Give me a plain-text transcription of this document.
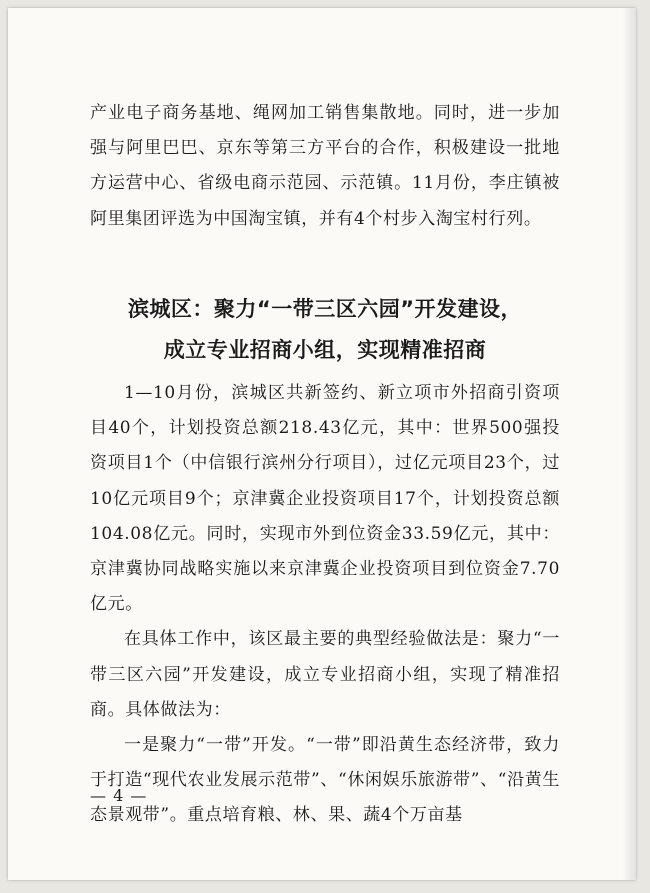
产业电子商务基地、绳网加工销售集散地。同时，进一步加强与阿里巴巴、京东等第三方平台的合作，积极建设一批地方运营中心、省级电商示范园、示范镇。11月份，李庄镇被阿里集团评选为中国淘宝镇，并有4个村步入淘宝村行列。
滨城区：聚力“一带三区六园”开发建设，
成立专业招商小组，实现精准招商

1—10月份，滨城区共新签约、新立项市外招商引资项目40个，计划投资总额218.43亿元，其中：世界500强投资项目1个（中信银行滨州分行项目），过亿元项目23个，过10亿元项目9个；京津冀企业投资项目17个，计划投资总额104.08亿元。同时，实现市外到位资金33.59亿元，其中：京津冀协同战略实施以来京津冀企业投资项目到位资金7.70亿元。

在具体工作中，该区最主要的典型经验做法是：聚力“一带三区六园”开发建设，成立专业招商小组，实现了精准招商。具体做法为：

一是聚力“一带”开发。“一带”即沿黄生态经济带，致力于打造“现代农业发展示范带”、“休闲娱乐旅游带”、“沿黄生态景观带”。重点培育粮、林、果、蔬4个万亩基

— 4 —
